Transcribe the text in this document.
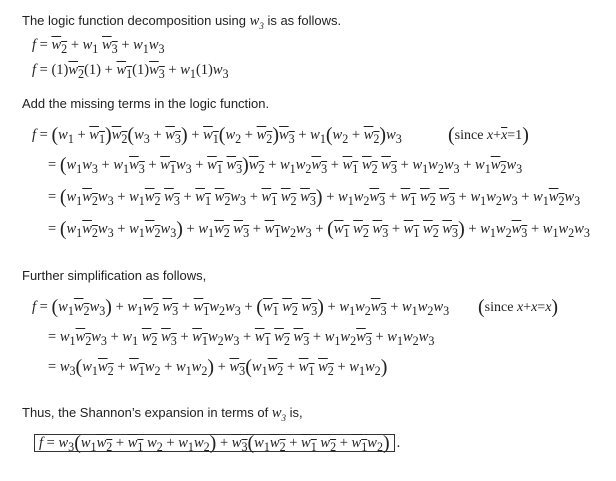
The logic function decomposition using $w_3$ is as follows.
$f = w_2 + w_1$ $w_3 + w_1w_3$
$f = (1)w_2(1) + w_1(1)w_3 + w_1(1)w_3$
Add the missing terms in the logic function.
$f = (w_1 + w_1)w_2(w_3 + w_3) + w_1(w_2 + w_2)w_3 + w_1(w_2 + w_2)w_3$ (since $x+\overline{x}=1$)
= ($w_1w_3 + w_1w_3 + w_1w_3 + w_1$ $w_3)w_2 + w_1w_2w_3 + w_1$ $w_2$ $w_3 + w_1w_2w_3 + w_1w_2w_3$
= ($w_1w_2w_3 + w_1w_2$ $w_3 + w_1$ $w_2w_3 + w_1$ $w_2$ $w_3) + w_1w_2w_3 + w_1$ $w_2$ $w_3 + w_1w_2w_3 + w_1w_2w_3$
= $(w_1w_2w_3 + w_1w_2w_3) + w_1w_2$ $w_3 + w_1w_2w_3 + (w_1$ $w_2$ $w_3 + w_1$ $w_2$ $w_3) + w_1w_2w_3 + w_1w_2w_3$
Further simplification as follows,
$f = (w_1w_2w_3) + w_1w_2$ $w_3 + w_1w_2w_3 + (w_1$ $w_2$ $w_3) + w_1w_2w_3 + w_1w_2w_3$ (since x+x=x)
= $w_1w_2w_3 + w_1$ $w_2$ $w_3 + w_1w_2w_3 + w_1$ $w_2$ $w_3 + w_1w_2w_3 + w_1w_2w_3$
= $w_3(w_1w_2 + w_1w_2 + w_1w_2) + w_3(w_1w_2 + w_1$ $w_2 + w_1w_2$)
Thus, the Shannon’s expansion in terms of $w_3$ is,
$f = w_3(w_1w_2 + w_1$ $w_2 + w_1w_2) + w_3(w_1w_2 + w_1$ $w_2 + w_1w_2$) .
